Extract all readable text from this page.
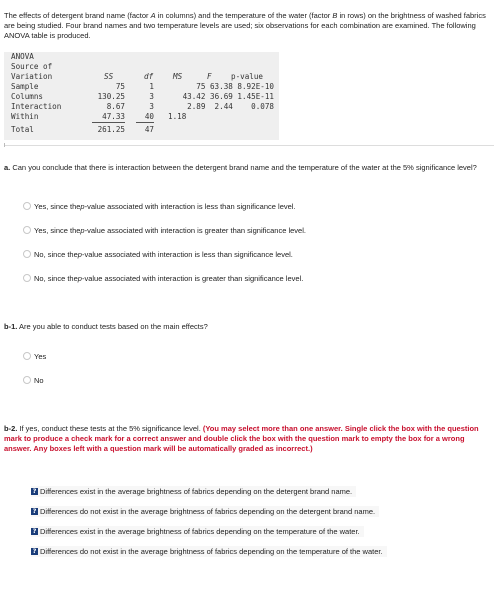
The effects of detergent brand name (factor A in columns) and the temperature of the water (factor B in rows) on the brightness of washed fabrics are being studied. Four brand names and two temperature levels are used; six observations for each combination are examined. The following ANOVA table is produced.
ANOVA
Source of
Variation	SS	df	MS	F	p-value
Sample	75	1	75 63.38 8.92E-10
Columns	130.25	3	43.42 36.69 1.45E-11
Interaction	8.67	3	2.89  2.44    0.078
Within	47.33	40 1.18
Total	261.25	47
a. Can you conclude that there is interaction between the detergent brand name and the temperature of the water at the 5% significance level?
Yes, since the p -value associated with interaction is less than significance level.
Yes, since the p -value associated with interaction is greater than significance level.
No, since the p -value associated with interaction is less than significance level.
No, since the p -value associated with interaction is greater than significance level.
b-1. Are you able to conduct tests based on the main effects?
Yes
No
b-2. If yes, conduct these tests at the 5% significance level. (You may select more than one answer. Single click the box with the question mark to produce a check mark for a correct answer and double click the box with the question mark to empty the box for a wrong answer. Any boxes left with a question mark will be automatically graded as incorrect.)
? Differences exist in the average brightness of fabrics depending on the detergent brand name.
? Differences do not exist in the average brightness of fabrics depending on the detergent brand name.
? Differences exist in the average brightness of fabrics depending on the temperature of the water.
? Differences do not exist in the average brightness of fabrics depending on the temperature of the water.
